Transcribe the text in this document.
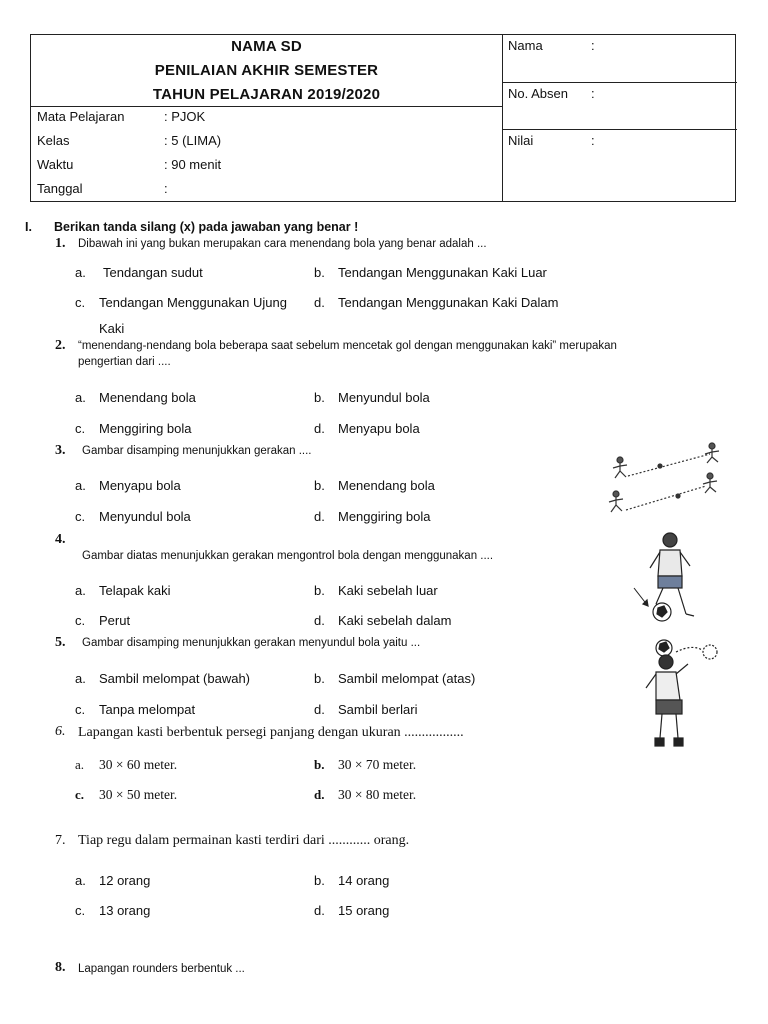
NAMA SD
PENILAIAN AKHIR SEMESTER
TAHUN PELAJARAN 2019/2020
Mata Pelajaran	: PJOK
Kelas	: 5 (LIMA)
Waktu	: 90 menit
Tanggal	:
Nama	:
No. Absen :
Nilai	:
I. Berikan tanda silang (x) pada jawaban yang benar !
1. Dibawah ini yang bukan merupakan cara menendang bola yang benar adalah ...
a. Tendangan sudut	b. Tendangan Menggunakan Kaki Luar
c. Tendangan Menggunakan Ujung d. Tendangan Menggunakan Kaki Dalam
Kaki
2. “menendang-nendang bola beberapa saat sebelum mencetak gol dengan menggunakan kaki” merupakan
pengertian dari ....
a. Menendang bola	b. Menyundul bola
c. Menggiring bola	d. Menyapu bola
3. Gambar disamping menunjukkan gerakan ....
a. Menyapu bola	b. Menendang bola
c. Menyundul bola	d. Menggiring bola
4.
Gambar diatas menunjukkan gerakan mengontrol bola dengan menggunakan ....
a. Telapak kaki	b. Kaki sebelah luar
c. Perut	d. Kaki sebelah dalam
5. Gambar disamping menunjukkan gerakan menyundul bola yaitu ...
a. Sambil melompat (bawah)	b. Sambil melompat (atas)
c. Tanpa melompat	d. Sambil berlari
6. Lapangan kasti berbentuk persegi panjang dengan ukuran .................
a. 30 × 60 meter.	b. 30 × 70 meter.
c. 30 × 50 meter.	d. 30 × 80 meter.
7. Tiap regu dalam permainan kasti terdiri dari ............ orang.
a. 12 orang	b. 14 orang
c. 13 orang	d. 15 orang
8. Lapangan rounders berbentuk ...
